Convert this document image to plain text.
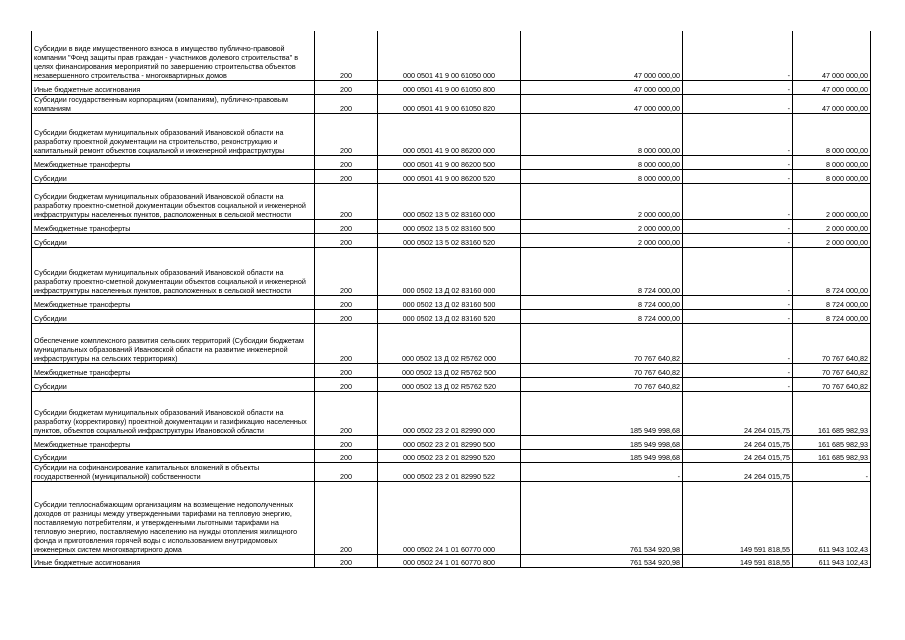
Субсидии в виде имущественного взноса в имущество публично-правовой компании "Фонд защиты прав граждан - участников долевого строительства" в целях финансирования мероприятий по завершению строительства объектов незавершенного строительства - многоквартирных домов	200	000 0501 41 9 00 61050 000	47 000 000,00	-	47 000 000,00
Иные бюджетные ассигнования	200	000 0501 41 9 00 61050 800	47 000 000,00	-	47 000 000,00
Субсидии государственным корпорациям (компаниям), публично-правовым компаниям	200	000 0501 41 9 00 61050 820	47 000 000,00	-	47 000 000,00
Субсидии бюджетам муниципальных образований Ивановской области на разработку проектной документации на строительство, реконструкцию и капитальный ремонт объектов социальной и инженерной инфраструктуры	200	000 0501 41 9 00 86200 000	8 000 000,00	-	8 000 000,00
Межбюджетные трансферты	200	000 0501 41 9 00 86200 500	8 000 000,00	-	8 000 000,00
Субсидии	200	000 0501 41 9 00 86200 520	8 000 000,00	-	8 000 000,00
Субсидии бюджетам муниципальных образований Ивановской области на разработку проектно-сметной документации объектов социальной и инженерной инфраструктуры населенных пунктов, расположенных в сельской местности	200	000 0502 13 5 02 83160 000	2 000 000,00	-	2 000 000,00
Межбюджетные трансферты	200	000 0502 13 5 02 83160 500	2 000 000,00	-	2 000 000,00
Субсидии	200	000 0502 13 5 02 83160 520	2 000 000,00	-	2 000 000,00
Субсидии бюджетам муниципальных образований Ивановской области на разработку проектно-сметной документации объектов социальной и инженерной инфраструктуры населенных пунктов, расположенных в сельской местности	200	000 0502 13 Д 02 83160 000	8 724 000,00	-	8 724 000,00
Межбюджетные трансферты	200	000 0502 13 Д 02 83160 500	8 724 000,00	-	8 724 000,00
Субсидии	200	000 0502 13 Д 02 83160 520	8 724 000,00	-	8 724 000,00
Обеспечение комплексного развития сельских территорий (Субсидии бюджетам муниципальных образований Ивановской области на развитие инженерной инфраструктуры на сельских территориях)	200	000 0502 13 Д 02 R5762 000	70 767 640,82	-	70 767 640,82
Межбюджетные трансферты	200	000 0502 13 Д 02 R5762 500	70 767 640,82	-	70 767 640,82
Субсидии	200	000 0502 13 Д 02 R5762 520	70 767 640,82	-	70 767 640,82
Субсидии бюджетам муниципальных образований Ивановской области на разработку (корректировку) проектной документации и газификацию населенных пунктов, объектов социальной инфраструктуры Ивановской области	200	000 0502 23 2 01 82990 000	185 949 998,68	24 264 015,75	161 685 982,93
Межбюджетные трансферты	200	000 0502 23 2 01 82990 500	185 949 998,68	24 264 015,75	161 685 982,93
Субсидии	200	000 0502 23 2 01 82990 520	185 949 998,68	24 264 015,75	161 685 982,93
Субсидии на софинансирование капитальных вложений в объекты государственной (муниципальной) собственности	200	000 0502 23 2 01 82990 522	-	24 264 015,75	-
Субсидии теплоснабжающим организациям на возмещение недополученных доходов от разницы между утвержденными тарифами на тепловую энергию, поставляемую потребителям, и утвержденными льготными тарифами на тепловую энергию, поставляемую населению на нужды отопления жилищного фонда и приготовления горячей воды с использованием внутридомовых инженерных систем многоквартирного дома	200	000 0502 24 1 01 60770 000	761 534 920,98	149 591 818,55	611 943 102,43
Иные бюджетные ассигнования	200	000 0502 24 1 01 60770 800	761 534 920,98	149 591 818,55	611 943 102,43
